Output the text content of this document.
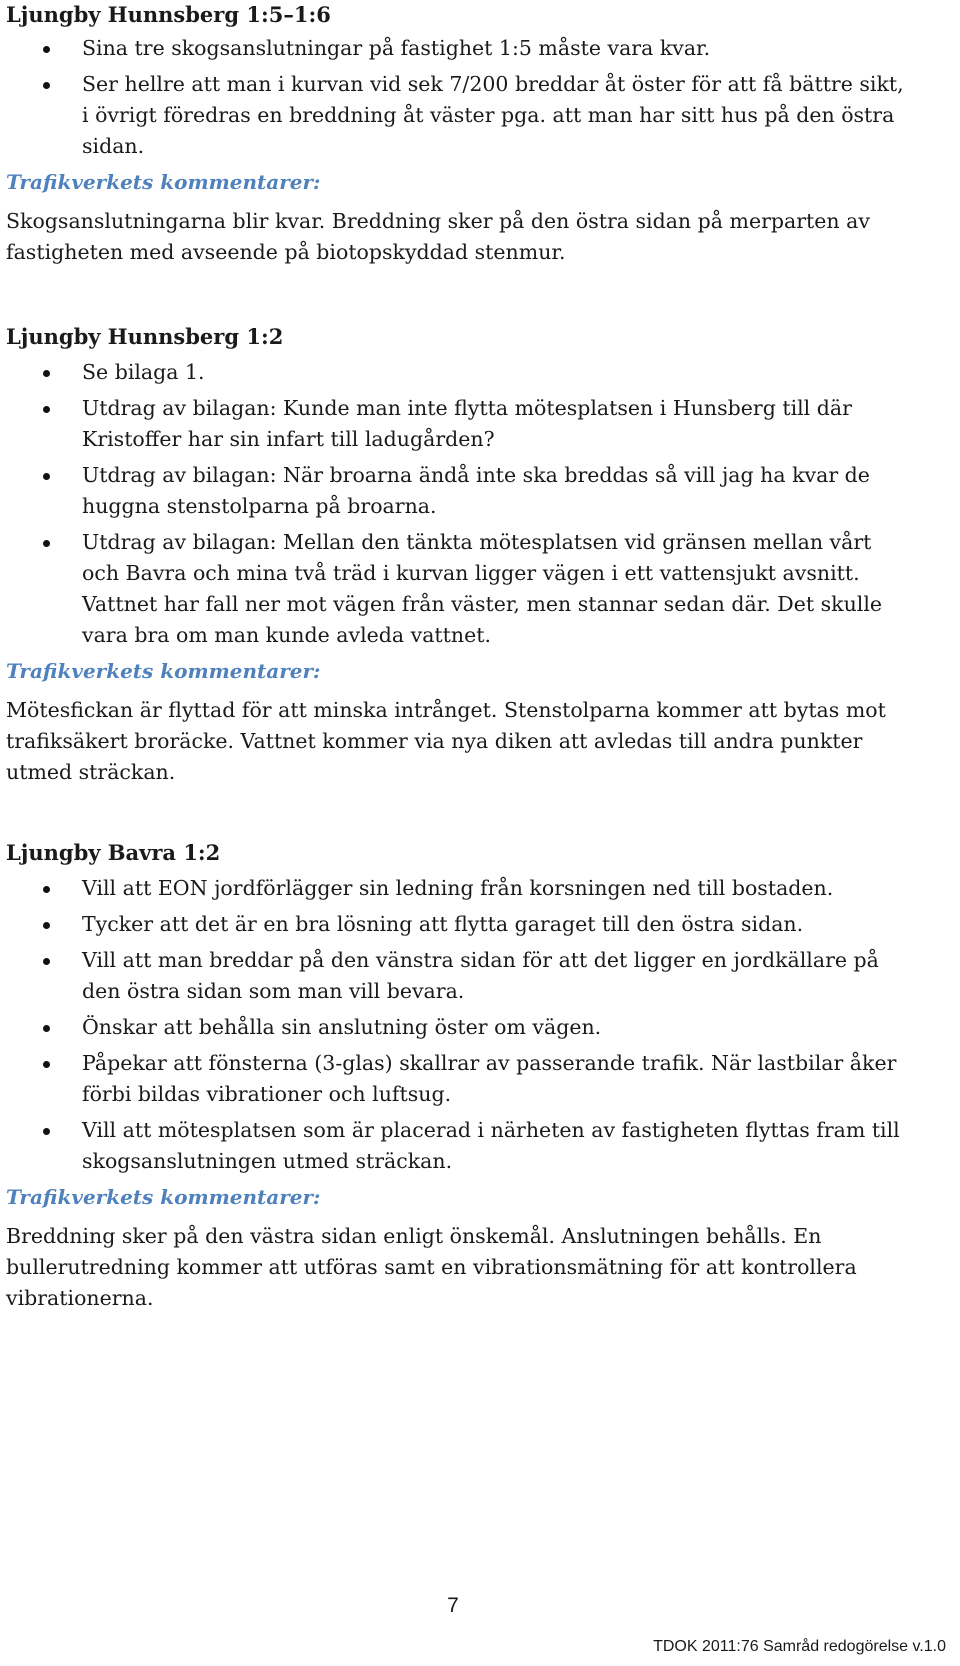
Ljungby Hunnsberg 1:5–1:6
Sina tre skogsanslutningar på fastighet 1:5 måste vara kvar.
Ser hellre att man i kurvan vid sek 7/200 breddar åt öster för att få bättre sikt, i övrigt föredras en breddning åt väster pga. att man har sitt hus på den östra sidan.

Trafikverkets kommentarer:

Skogsanslutningarna blir kvar. Breddning sker på den östra sidan på merparten av fastigheten med avseende på biotopskyddad stenmur.

Ljungby Hunnsberg 1:2
Se bilaga 1.
Utdrag av bilagan: Kunde man inte flytta mötesplatsen i Hunsberg till där Kristoffer har sin infart till ladugården?
Utdrag av bilagan: När broarna ändå inte ska breddas så vill jag ha kvar de huggna stenstolparna på broarna.
Utdrag av bilagan: Mellan den tänkta mötesplatsen vid gränsen mellan vårt och Bavra och mina två träd i kurvan ligger vägen i ett vattensjukt avsnitt. Vattnet har fall ner mot vägen från väster, men stannar sedan där. Det skulle vara bra om man kunde avleda vattnet.

Trafikverkets kommentarer:

Mötesfickan är flyttad för att minska intrånget. Stenstolparna kommer att bytas mot trafiksäkert broräcke. Vattnet kommer via nya diken att avledas till andra punkter utmed sträckan.

Ljungby Bavra 1:2
Vill att EON jordförlägger sin ledning från korsningen ned till bostaden.
Tycker att det är en bra lösning att flytta garaget till den östra sidan.
Vill att man breddar på den vänstra sidan för att det ligger en jordkällare på den östra sidan som man vill bevara.
Önskar att behålla sin anslutning öster om vägen.
Påpekar att fönsterna (3-glas) skallrar av passerande trafik. När lastbilar åker förbi bildas vibrationer och luftsug.
Vill att mötesplatsen som är placerad i närheten av fastigheten flyttas fram till skogsanslutningen utmed sträckan.

Trafikverkets kommentarer:

Breddning sker på den västra sidan enligt önskemål. Anslutningen behålls. En bullerutredning kommer att utföras samt en vibrationsmätning för att kontrollera vibrationerna.

7
TDOK 2011:76 Samråd redogörelse v.1.0
